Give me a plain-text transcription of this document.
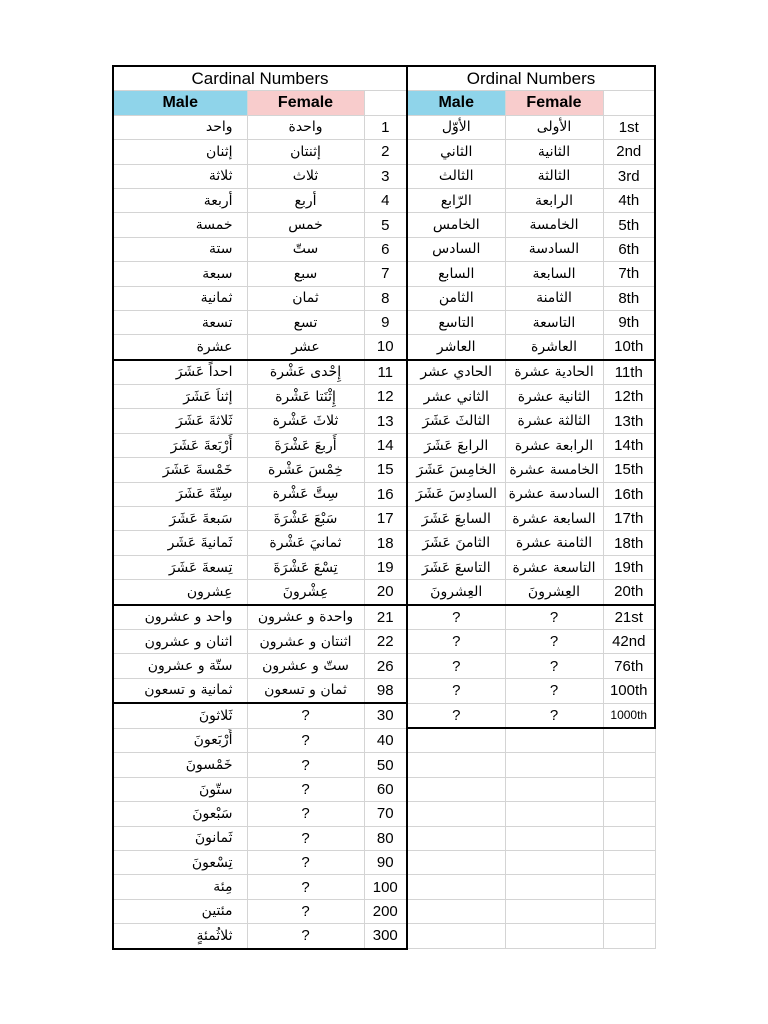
Cardinal Numbers			Ordinal Numbers		
Male	Female		Male	Female	
واحد	واحدة	1	الأوّل	الأولى	1st
إثنان	إثنتان	2	الثاني	الثانية	2nd
ثلاثة	ثلاث	3	الثالث	الثالثة	3rd
أربعة	أربع	4	الرّابع	الرابعة	4th
خمسة	خمس	5	الخامس	الخامسة	5th
ستة	ستّ	6	السادس	السادسة	6th
سبعة	سبع	7	السابع	السابعة	7th
ثمانية	ثمان	8	الثامن	الثامنة	8th
تسعة	تسع	9	التاسع	التاسعة	9th
عشرة	عشر	10	العاشر	العاشرة	10th
احداً عَشَرَ	إِحْدى عَشْرة	11	الحادي عشر	الحادية عشرة	11th
إثناَ عَشَرَ	إِثْنَتا عَشْرة	12	الثاني عشر	الثانية عشرة	12th
ثَلاثةَ عَشَرَ	ثلاثَ عَشْرة	13	الثالثَ عَشَرَ	الثالثة عشرة	13th
أَرْبَعةَ عَشَرَ	أَربعَ عَشْرَةَ	14	الرابعَ عَشَرَ	الرابعة عشرة	14th
خَمْسةَ عَشَرَ	خِمْسَ عَشْرة	15	الخامِسَ عَشَرَ	الخامسة عشرة	15th
سِتّةَ عَشَرَ	سِتَّ عَشْرة	16	السادِسَ عَشَرَ	السادسة عشرة	16th
سَبعةَ عَشَرَ	سَبْعَ عَشْرَةَ	17	السابعَ عَشَرَ	السابعة عشرة	17th
ثَمانيةَ عَشَر	ثمانيَ عَشْرة	18	الثامنَ عَشَرَ	الثامنة عشرة	18th
تِسعةَ عَشَرَ	تِسْعَ عَشْرَةَ	19	التاسعَ عَشَرَ	التاسعة عشرة	19th
عِشرون	عِشْرونَ	20	العِشرونَ	العِشرونَ	20th
واحد و عشرون	واحدة و عشرون	21	?	?	21st
اثنان و عشرون	اثنتان و عشرون	22	?	?	42nd
ستّة و عشرون	ستّ و عشرون	26	?	?	76th
ثمانية و تسعون	ثمان و تسعون	98	?	?	100th
ثَلاثونَ	?	30	?	?	1000th
أَرْبَعونَ	?	40			
خَمْسونَ	?	50			
ستّونَ	?	60			
سَبْعونَ	?	70			
ثَمانونَ	?	80			
تِسْعونَ	?	90			
مِئة	?	100			
مئتين	?	200			
ثلاثُمئةٍ	?	300			
